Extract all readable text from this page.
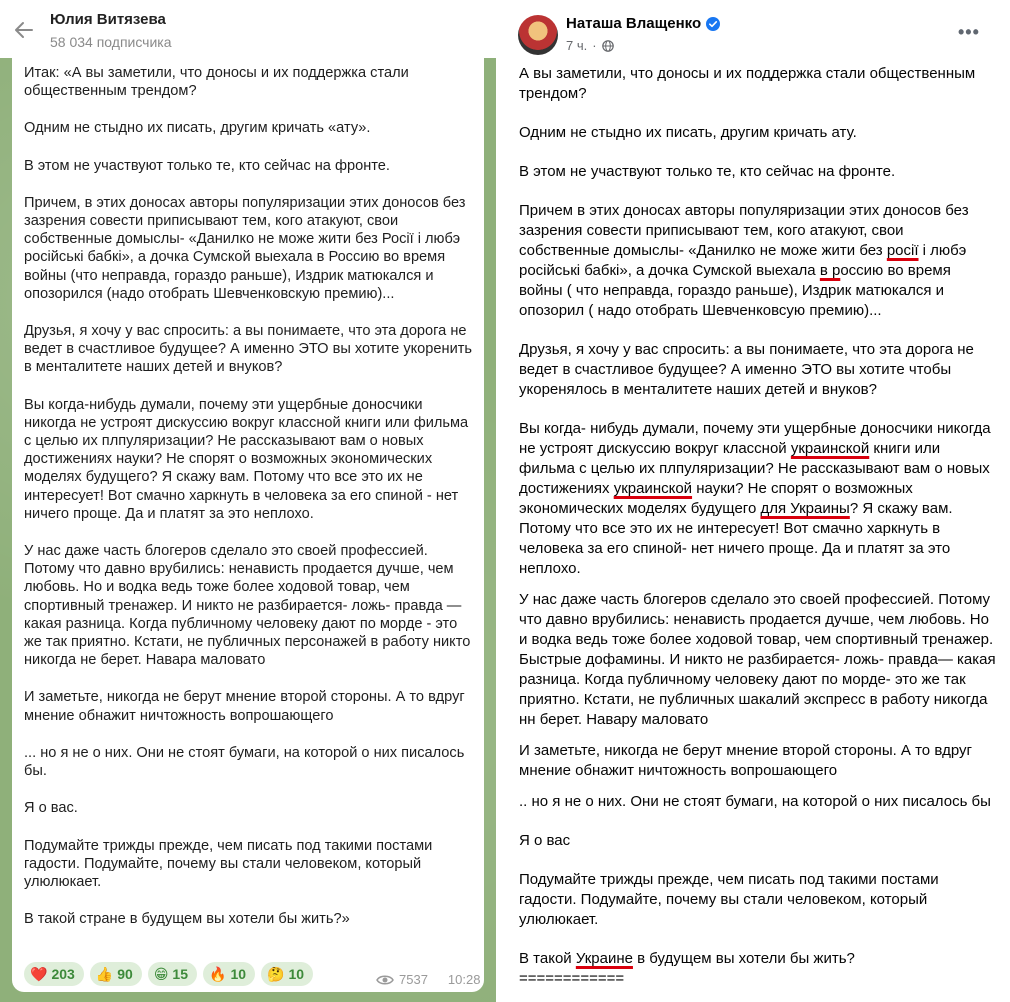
Юлия Витязева
58 034 подписчика

Итак: «А вы заметили, что доносы и их поддержка стали общественным трендом?

Одним не стыдно их писать, другим кричать «ату».

В этом не участвуют только те, кто сейчас на фронте.

Причем, в этих доносах авторы популяризации этих доносов без зазрения совести приписывают тем, кого атакуют, свои собственные домыслы- «Данилко не може жити без Росії і любэ російські бабкі», а дочка Сумской выехала в Россию во время войны (что неправда, гораздо раньше), Издрик матюкался и опозорился (надо отобрать Шевченковскую премию)...

Друзья, я хочу у вас спросить: а вы понимаете, что эта дорога не ведет в счастливое будущее? А именно ЭТО вы хотите укоренить в менталитете наших детей и внуков?

Вы когда-нибудь думали, почему эти ущербные доносчики никогда не устроят дискуссию вокруг классной книги или фильма с целью их плпуляризации? Не рассказывают вам о новых достижениях науки? Не спорят о возможных экономических моделях будущего? Я скажу вам. Потому что все это их не интересует! Вот смачно харкнуть в человека за его спиной - нет ничего проще. Да и платят за это неплохо.

У нас даже часть блогеров сделало это своей профессией. Потому что давно врубились: ненависть продается дучше, чем любовь. Но и водка ведь тоже более ходовой товар, чем спортивный тренажер. И никто не разбирается- ложь- правда — какая разница. Когда публичному человеку дают по морде - это же так приятно. Кстати, не публичных персонажей в работу никто никогда не берет. Навара маловато

И заметьте, никогда не берут мнение второй стороны. А то вдруг мнение обнажит ничтожность вопрошающего

... но я не о них. Они не стоят бумаги, на которой о них писалось бы.

Я о вас.

Подумайте трижды прежде, чем писать под такими постами гадости. Подумайте, почему вы стали человеком, который улюлюкает.

В такой стране в будущем вы хотели бы жить?»

❤️ 203 👍 90 😁 15 🔥 10 🤔 10	7537 10:28
Наташа Влащенко
7 ч. ·
•••

А вы заметили, что доносы и их поддержка стали общественным трендом?

Одним не стыдно их писать, другим кричать ату.

В этом не участвуют только те, кто сейчас на фронте.

Причем в этих доносах авторы популяризации этих доносов без зазрения совести приписывают тем, кого атакуют, свои собственные домыслы- «Данилко не може жити без росії і любэ російські бабкі», а дочка Сумской выехала в россию во время войны ( что неправда, гораздо раньше), Издрик матюкался и опозорил ( надо отобрать Шевченковсую премию)...

Друзья, я хочу у вас спросить: а вы понимаете, что эта дорога не ведет в счастливое будущее? А именно ЭТО вы хотите чтобы укоренялось в менталитете наших детей и внуков?

Вы когда- нибудь думали, почему эти ущербные доносчики никогда не устроят дискуссию вокруг классной украинской книги или фильма с целью их плпуляризации? Не рассказывают вам о новых достижениях украинской науки? Не спорят о возможных экономических моделях будущего для Украины? Я скажу вам. Потому что все это их не интересует! Вот смачно харкнуть в человека за его спиной- нет ничего проще. Да и платят за это неплохо.

У нас даже часть блогеров сделало это своей профессией. Потому что давно врубились: ненависть продается дучше, чем любовь. Но и водка ведь тоже более ходовой товар, чем спортивный тренажер. Быстрые дофамины. И никто не разбирается- ложь- правда— какая разница. Когда публичному человеку дают по морде- это же так приятно. Кстати, не публичных шакалий экспресс в работу никогда нн берет. Навару маловато

И заметьте, никогда не берут мнение второй стороны. А то вдруг мнение обнажит ничтожность вопрошающего

.. но я не о них. Они не стоят бумаги, на которой о них писалось бы

Я о вас

Подумайте трижды прежде, чем писать под такими постами гадости. Подумайте, почему вы стали человеком, который улюлюкает.

В такой Украине в будущем вы хотели бы жить?

============
